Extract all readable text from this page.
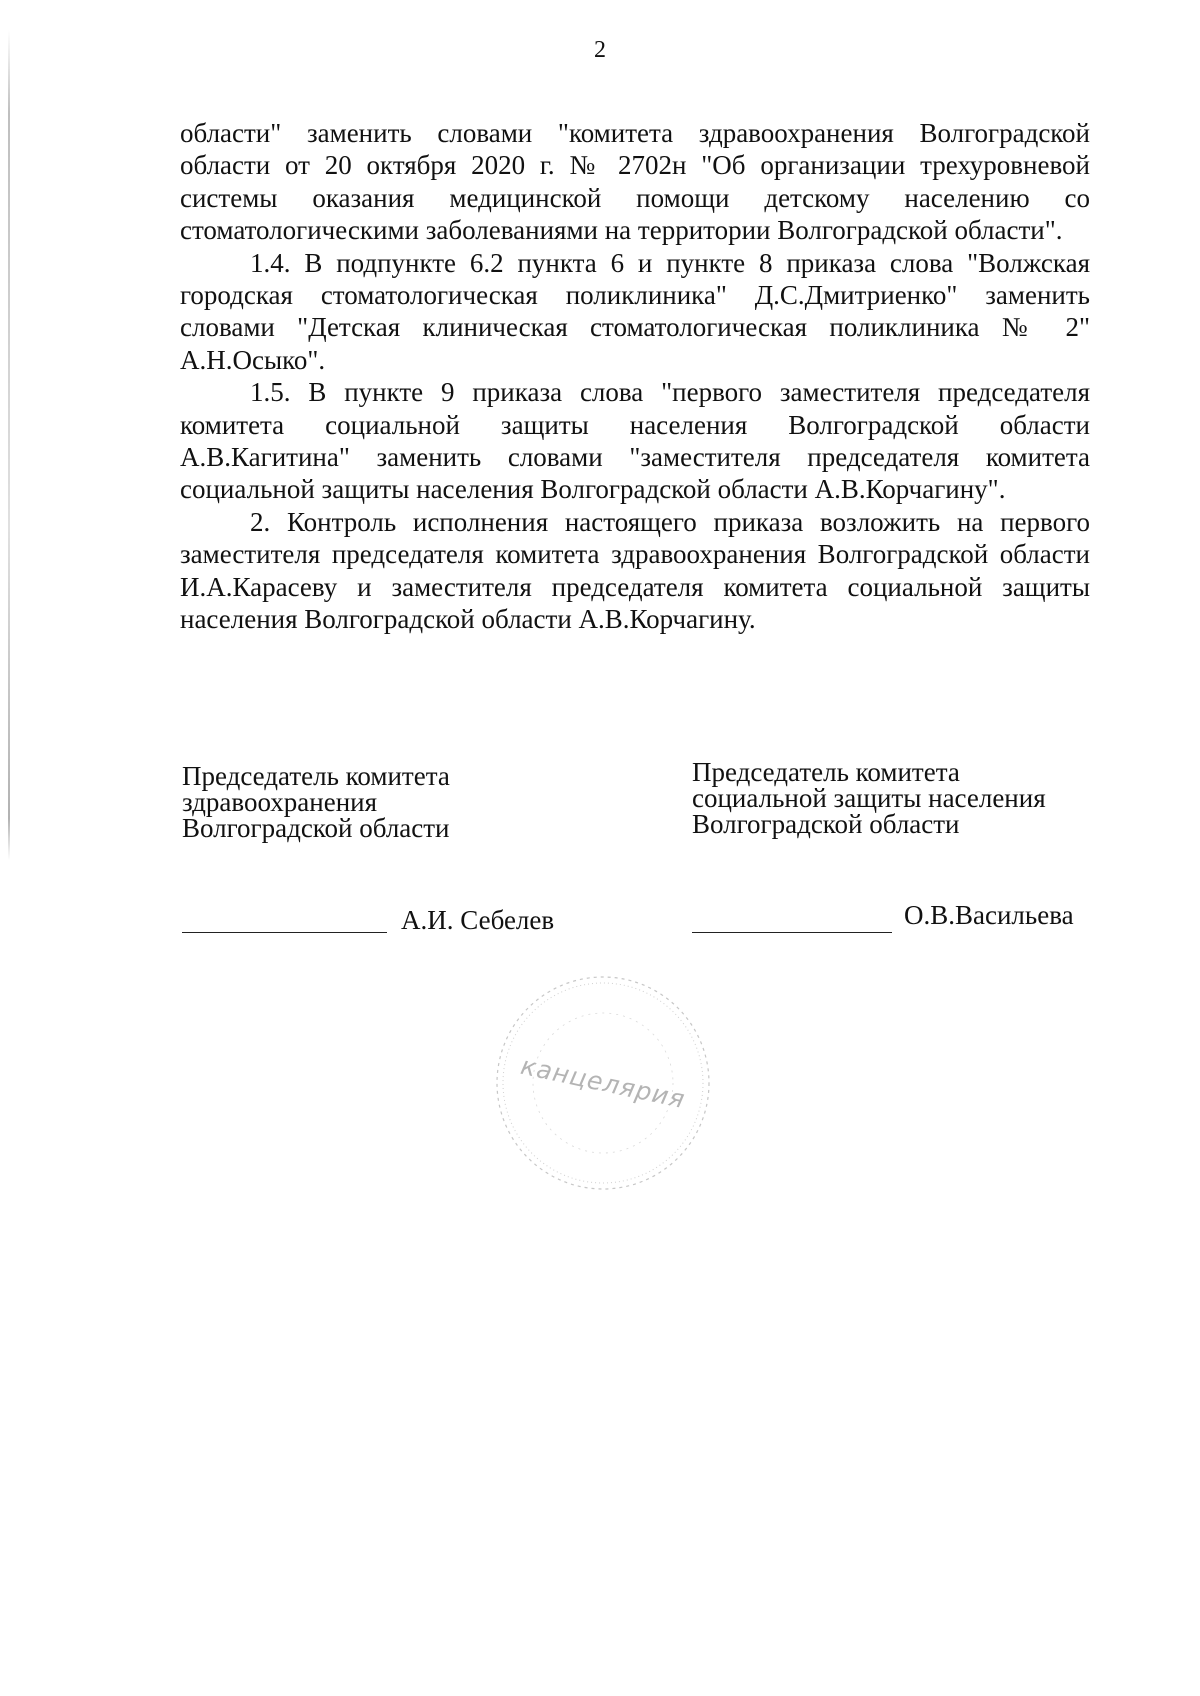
2

области" заменить словами "комитета здравоохранения Волгоградской области от 20 октября 2020 г. № 2702н "Об организации трехуровневой системы оказания медицинской помощи детскому населению со стоматологическими заболеваниями на территории Волгоградской области".

1.4. В подпункте 6.2 пункта 6 и пункте 8 приказа слова "Волжская городская стоматологическая поликлиника" Д.С.Дмитриенко" заменить словами "Детская клиническая стоматологическая поликлиника № 2" А.Н.Осыко".

1.5. В пункте 9 приказа слова "первого заместителя председателя комитета социальной защиты населения Волгоградской области А.В.Кагитина" заменить словами "заместителя председателя комитета социальной защиты населения Волгоградской области А.В.Корчагину".

2. Контроль исполнения настоящего приказа возложить на первого заместителя председателя комитета здравоохранения Волгоградской области И.А.Карасеву и заместителя председателя комитета социальной защиты населения Волгоградской области А.В.Корчагину.

Председатель комитета
здравоохранения
Волгоградской области
Председатель комитета
социальной защиты населения
Волгоградской области
А.И. Себелев	О.В.Васильева
канцелярия
